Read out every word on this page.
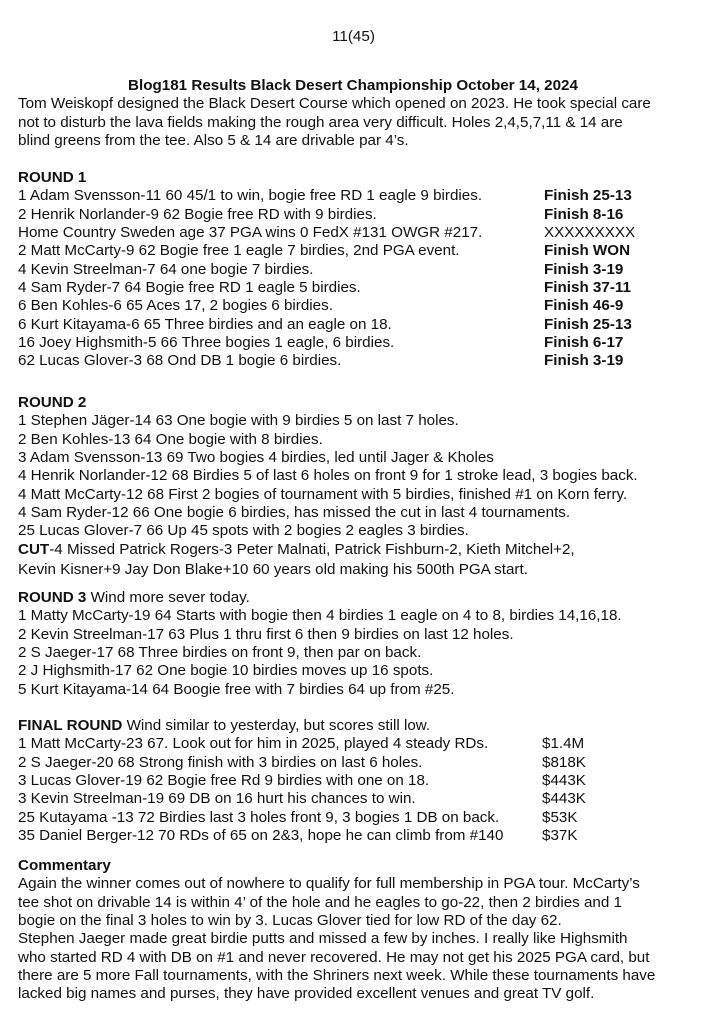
11(45)
Blog181 Results Black Desert Championship October 14, 2024
Tom Weiskopf designed the Black Desert Course which opened on 2023. He took special care
not to disturb the lava fields making the rough area very difficult. Holes 2,4,5,7,11 & 14 are
blind greens from the tee. Also 5 & 14 are drivable par 4’s.
ROUND 1
1 Adam Svensson-11 60 45/1 to win, bogie free RD 1 eagle 9 birdies.	Finish 25-13
2 Henrik Norlander-9 62 Bogie free RD with 9 birdies.	Finish 8-16
Home Country Sweden age 37 PGA wins 0 FedX #131 OWGR #217.	XXXXXXXXX
2 Matt McCarty-9 62 Bogie free 1 eagle 7 birdies, 2nd PGA event.	Finish WON
4 Kevin Streelman-7 64 one bogie 7 birdies.	Finish 3-19
4 Sam Ryder-7 64 Bogie free RD 1 eagle 5 birdies.	Finish 37-11
6 Ben Kohles-6 65 Aces 17, 2 bogies 6 birdies.	Finish 46-9
6 Kurt Kitayama-6 65 Three birdies and an eagle on 18.	Finish 25-13
16 Joey Highsmith-5 66 Three bogies 1 eagle, 6 birdies.	Finish 6-17
62 Lucas Glover-3 68 Ond DB 1 bogie 6 birdies.	Finish 3-19
ROUND 2
1 Stephen Jäger-14 63 One bogie with 9 birdies 5 on last 7 holes.
2 Ben Kohles-13 64 One bogie with 8 birdies.
3 Adam Svensson-13 69 Two bogies 4 birdies, led until Jager & Kholes
4 Henrik Norlander-12 68 Birdies 5 of last 6 holes on front 9 for 1 stroke lead, 3 bogies back.
4 Matt McCarty-12 68 First 2 bogies of tournament with 5 birdies, finished #1 on Korn ferry.
4 Sam Ryder-12 66 One bogie 6 birdies, has missed the cut in last 4 tournaments.
25 Lucas Glover-7 66 Up 45 spots with 2 bogies 2 eagles 3 birdies.
CUT-4 Missed Patrick Rogers-3 Peter Malnati, Patrick Fishburn-2, Kieth Mitchel+2,
Kevin Kisner+9 Jay Don Blake+10 60 years old making his 500th PGA start.
ROUND 3 Wind more sever today.
1 Matty McCarty-19 64 Starts with bogie then 4 birdies 1 eagle on 4 to 8, birdies 14,16,18.
2 Kevin Streelman-17 63 Plus 1 thru first 6 then 9 birdies on last 12 holes.
2 S Jaeger-17 68 Three birdies on front 9, then par on back.
2 J Highsmith-17 62 One bogie 10 birdies moves up 16 spots.
5 Kurt Kitayama-14 64 Boogie free with 7 birdies 64 up from #25.
FINAL ROUND Wind similar to yesterday, but scores still low.
1 Matt McCarty-23 67. Look out for him in 2025, played 4 steady RDs.	$1.4M
2 S Jaeger-20 68 Strong finish with 3 birdies on last 6 holes.	$818K
3 Lucas Glover-19 62 Bogie free Rd 9 birdies with one on 18.	$443K
3 Kevin Streelman-19 69 DB on 16 hurt his chances to win.	$443K
25 Kutayama -13 72 Birdies last 3 holes front 9, 3 bogies 1 DB on back.	$53K
35 Daniel Berger-12 70 RDs of 65 on 2&3, hope he can climb from #140	$37K
Commentary
Again the winner comes out of nowhere to qualify for full membership in PGA tour. McCarty’s
tee shot on drivable 14 is within 4’ of the hole and he eagles to go-22, then 2 birdies and 1
bogie on the final 3 holes to win by 3. Lucas Glover tied for low RD of the day 62.
Stephen Jaeger made great birdie putts and missed a few by inches. I really like Highsmith
who started RD 4 with DB on #1 and never recovered. He may not get his 2025 PGA card, but
there are 5 more Fall tournaments, with the Shriners next week. While these tournaments have
lacked big names and purses, they have provided excellent venues and great TV golf.
